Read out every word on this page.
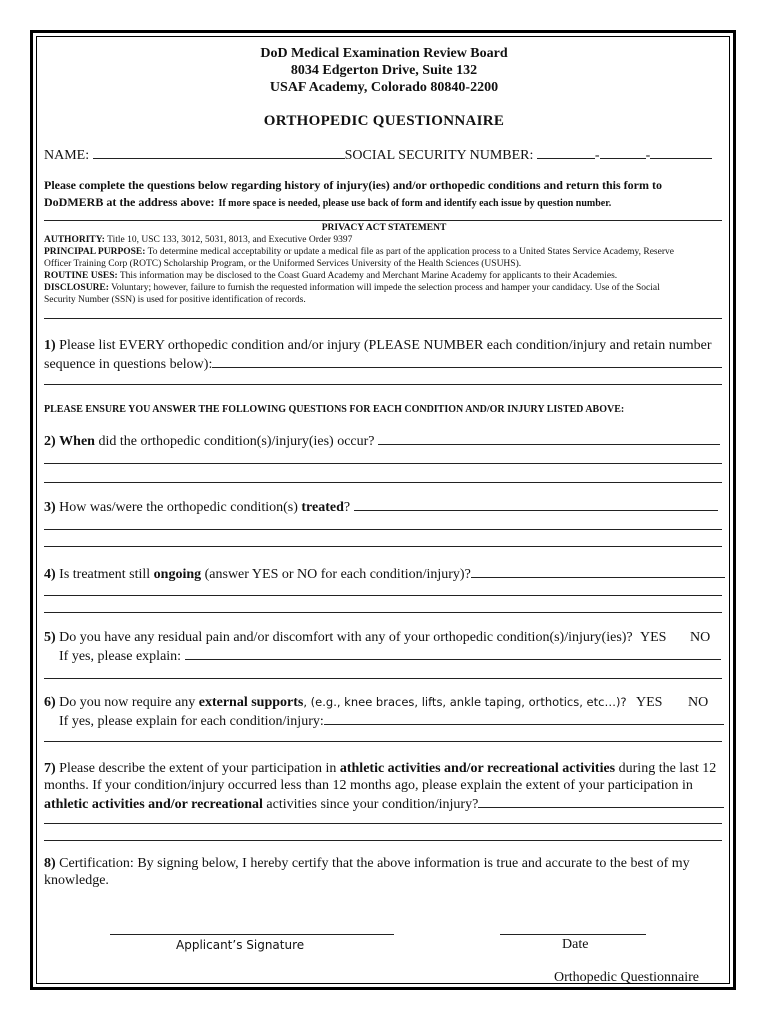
DoD Medical Examination Review Board
8034 Edgerton Drive, Suite 132
USAF Academy, Colorado 80840-2200
ORTHOPEDIC QUESTIONNAIRE
NAME:	SOCIAL SECURITY NUMBER:	-	-
Please complete the questions below regarding history of injury(ies) and/or orthopedic conditions and return this form to
DoDMERB at the address above: If more space is needed, please use back of form and identify each issue by question number.
PRIVACY ACT STATEMENT
AUTHORITY: Title 10, USC 133, 3012, 5031, 8013, and Executive Order 9397
PRINCIPAL PURPOSE: To determine medical acceptability or update a medical file as part of the application process to a United States Service Academy, Reserve
Officer Training Corp (ROTC) Scholarship Program, or the Uniformed Services University of the Health Sciences (USUHS).
ROUTINE USES: This information may be disclosed to the Coast Guard Academy and Merchant Marine Academy for applicants to their Academies.
DISCLOSURE: Voluntary; however, failure to furnish the requested information will impede the selection process and hamper your candidacy. Use of the Social
Security Number (SSN) is used for positive identification of records.
1) Please list EVERY orthopedic condition and/or injury (PLEASE NUMBER each condition/injury and retain number
sequence in questions below):
PLEASE ENSURE YOU ANSWER THE FOLLOWING QUESTIONS FOR EACH CONDITION AND/OR INJURY LISTED ABOVE:
2) When did the orthopedic condition(s)/injury(ies) occur?
3) How was/were the orthopedic condition(s) treated?
4) Is treatment still ongoing (answer YES or NO for each condition/injury)?
5) Do you have any residual pain and/or discomfort with any of your orthopedic condition(s)/injury(ies)? YES NO
If yes, please explain:
6) Do you now require any external supports, (e.g., knee braces, lifts, ankle taping, orthotics, etc…)? YES NO
If yes, please explain for each condition/injury:
7) Please describe the extent of your participation in athletic activities and/or recreational activities during the last 12
months. If your condition/injury occurred less than 12 months ago, please explain the extent of your participation in
athletic activities and/or recreational activities since your condition/injury?
8) Certification: By signing below, I hereby certify that the above information is true and accurate to the best of my
knowledge.
Applicant’s Signature	Date
Orthopedic Questionnaire
